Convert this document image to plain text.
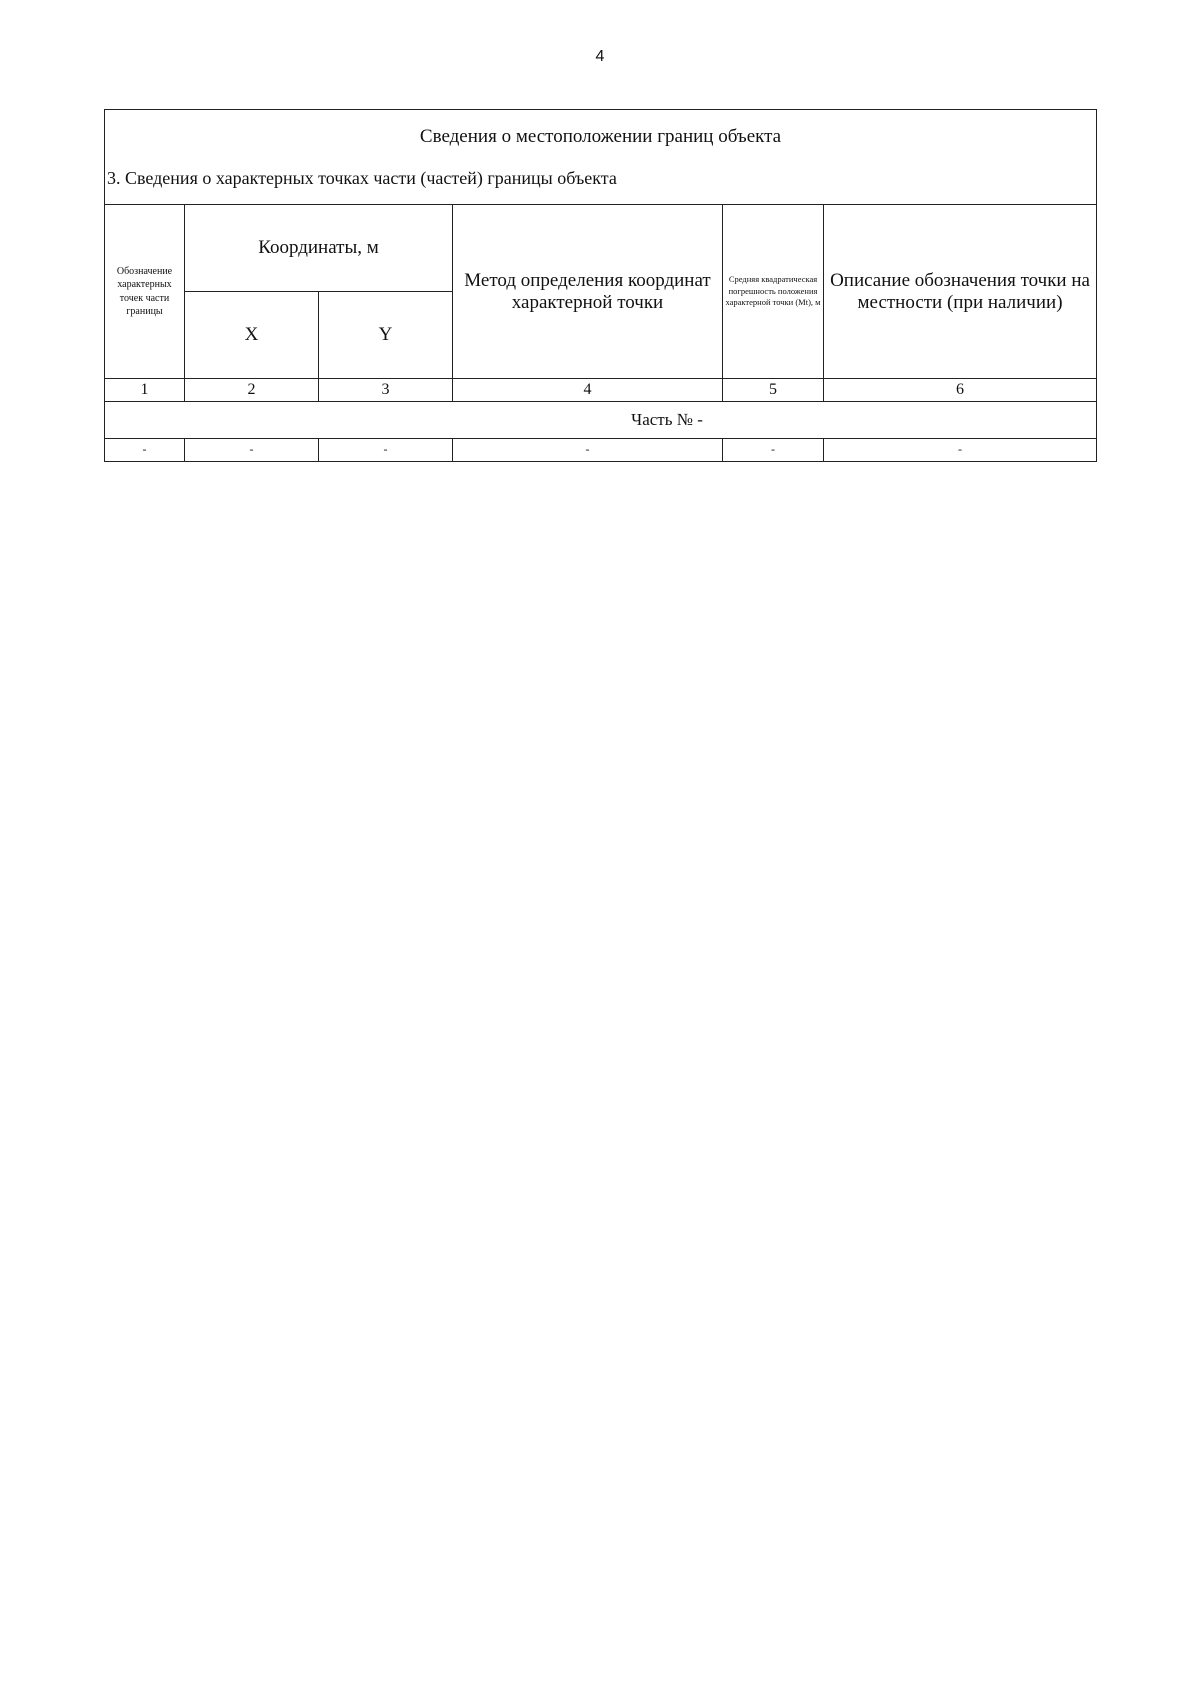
4
Сведения о местоположении границ объекта
3. Сведения о характерных точках части (частей) границы объекта					

Обозначение характерных точек части границы	Координаты, м		Метод определения координат характерной точки	Средняя квадратическая погрешность положения характерной точки (Мt), м	Описание обозначения точки на местности (при наличии)
	X	Y			
1	2	3	4	5	6
Часть № -					
-	-	-	-	-	-
